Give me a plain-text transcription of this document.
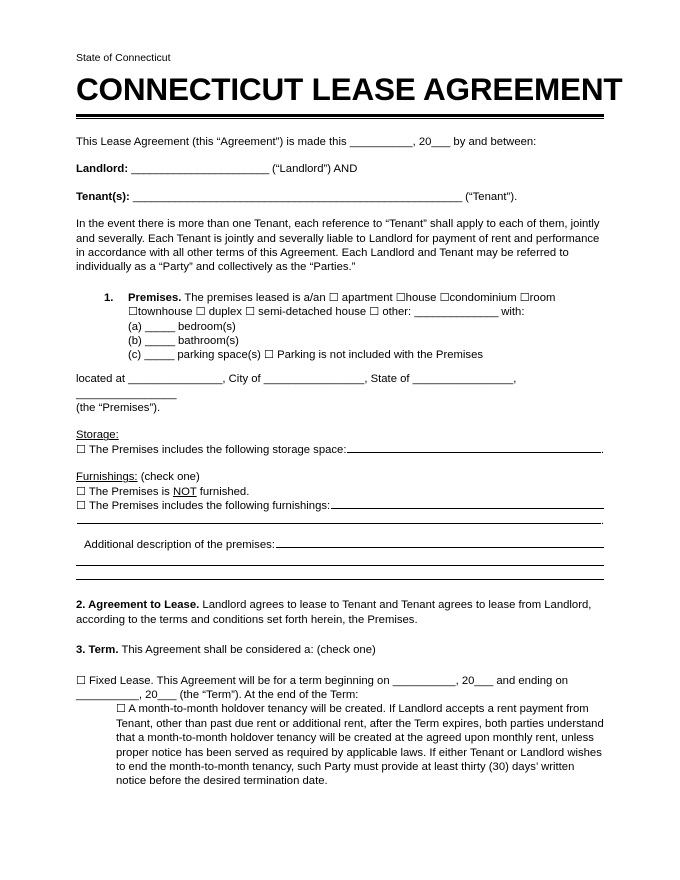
State of Connecticut
CONNECTICUT LEASE AGREEMENT

This Lease Agreement (this “Agreement”) is made this __________, 20___ by and between:

Landlord: _______________________ (“Landlord”) AND

Tenant(s): _______________________________________________________ (“Tenant”).

In the event there is more than one Tenant, each reference to “Tenant” shall apply to each of them, jointly and severally. Each Tenant is jointly and severally liable to Landlord for payment of rent and performance in accordance with all other terms of this Agreement. Each Landlord and Tenant may be referred to individually as a “Party” and collectively as the “Parties.”

1.	Premises. The premises leased is a/an ☐ apartment ☐house ☐condominium ☐room
☐townhouse ☐ duplex ☐ semi-detached house ☐ other: ______________ with:
(a) _____ bedroom(s)
(b) _____ bathroom(s)
(c) _____ parking space(s) ☐ Parking is not included with the Premises

located at _______________, City of ________________, State of ________________, ________________

(the “Premises”).

Storage:

☐
The Premises includes the following storage space:	.

Furnishings: (check one)

☐ The Premises is NOT furnished.

☐
The Premises includes the following furnishings:
.
Additional description of the premises:

2. Agreement to Lease. Landlord agrees to lease to Tenant and Tenant agrees to lease from Landlord, according to the terms and conditions set forth herein, the Premises.

3. Term. This Agreement shall be considered a: (check one)

☐ Fixed Lease. This Agreement will be for a term beginning on __________, 20___ and ending on __________, 20___ (the “Term”). At the end of the Term:

☐ A month-to-month holdover tenancy will be created. If Landlord accepts a rent payment from Tenant, other than past due rent or additional rent, after the Term expires, both parties understand that a month-to-month holdover tenancy will be created at the agreed upon monthly rent, unless proper notice has been served as required by applicable laws. If either Tenant or Landlord wishes to end the month-to-month tenancy, such Party must provide at least thirty (30) days’ written notice before the desired termination date.
